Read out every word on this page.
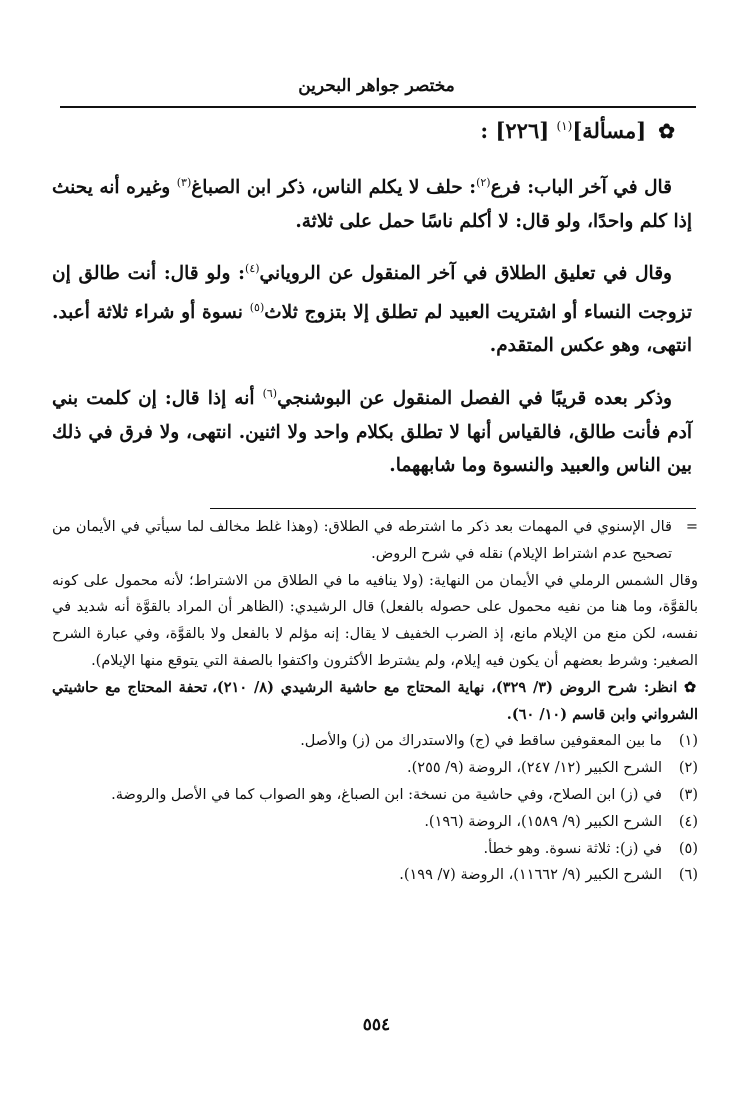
مختصر جواهر البحرين
✿[مسألة]$^{(١)}$ [٢٢٦] :

قال في آخر الباب: فرع$^{(٢)}$: حلف لا يكلم الناس، ذكر ابن الصباغ$^{(٣)}$ وغيره أنه يحنث إذا كلم واحدًا، ولو قال: لا أكلم ناسًا حمل على ثلاثة.

وقال في تعليق الطلاق في آخر المنقول عن الروياني$^{(٤)}$: ولو قال: أنت طالق إن تزوجت النساء أو اشتريت العبيد لم تطلق إلا بتزوج ثلاث$^{(٥)}$ نسوة أو شراء ثلاثة أعبد. انتهى، وهو عكس المتقدم.

وذكر بعده قريبًا في الفصل المنقول عن البوشنجي$^{(٦)}$ أنه إذا قال: إن كلمت بني آدم فأنت طالق، فالقياس أنها لا تطلق بكلام واحد ولا اثنين. انتهى، ولا فرق في ذلك بين الناس والعبيد والنسوة وما شابههما.

=قال الإسنوي في المهمات بعد ذكر ما اشترطه في الطلاق: (وهذا غلط مخالف لما سيأتي في الأيمان من تصحيح عدم اشتراط الإيلام) نقله في شرح الروض.

وقال الشمس الرملي في الأيمان من النهاية: (ولا ينافيه ما في الطلاق من الاشتراط؛ لأنه محمول على كونه بالقوَّة، وما هنا من نفيه محمول على حصوله بالفعل) قال الرشيدي: (الظاهر أن المراد بالقوَّة أنه شديد في نفسه، لكن منع من الإيلام مانع، إذ الضرب الخفيف لا يقال: إنه مؤلم لا بالفعل ولا بالقوَّة، وفي عبارة الشرح الصغير: وشرط بعضهم أن يكون فيه إيلام، ولم يشترط الأكثرون واكتفوا بالصفة التي يتوقع منها الإيلام).

✿ انظر: شرح الروض (٣/ ٣٢٩)، نهاية المحتاج مع حاشية الرشيدي (٨/ ٢١٠)، تحفة المحتاج مع حاشيتي الشرواني وابن قاسم (١٠/ ٦٠).

(١)
ما بين المعقوفين ساقط في (ج) والاستدراك من (ز) والأصل.

(٢)
الشرح الكبير (١٢/ ٢٤٧)، الروضة (٩/ ٢٥٥).

(٣)
في (ز) ابن الصلاح، وفي حاشية من نسخة: ابن الصباغ، وهو الصواب كما في الأصل والروضة.

(٤)
الشرح الكبير (٩/ ١٥٨٩)، الروضة (١٩٦).

(٥)
في (ز): ثلاثة نسوة. وهو خطأ.

(٦)
الشرح الكبير (٩/ ١١٦٦٢)، الروضة (٧/ ١٩٩).

٥٥٤
